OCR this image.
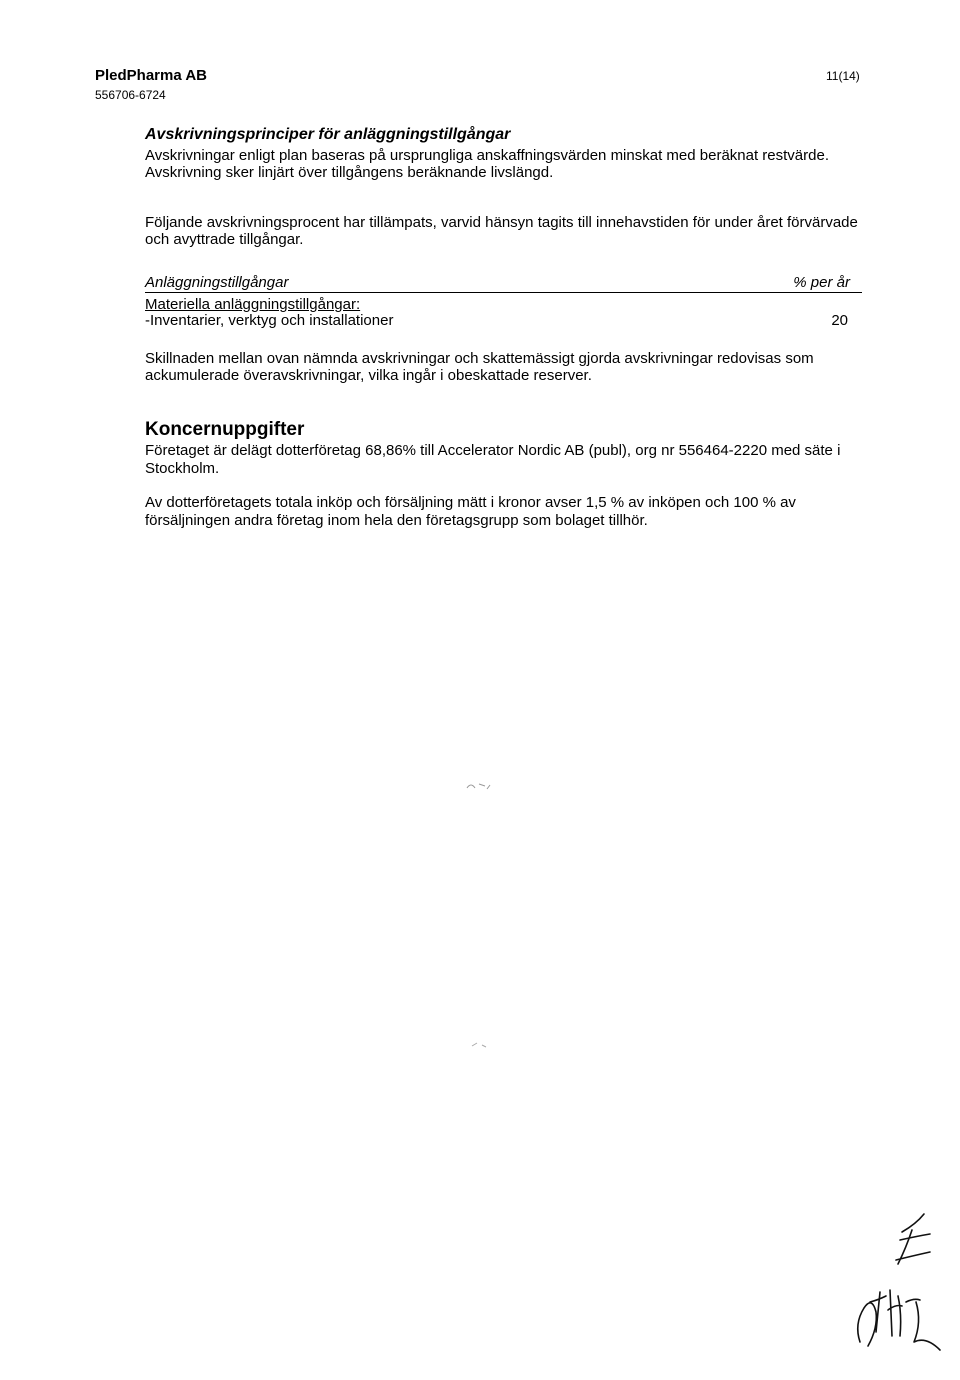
PledPharma AB
556706-6724
11(14)
Avskrivningsprinciper för anläggningstillgångar
Avskrivningar enligt plan baseras på ursprungliga anskaffningsvärden minskat med beräknat restvärde. Avskrivning sker linjärt över tillgångens beräknande livslängd.
Följande avskrivningsprocent har tillämpats, varvid hänsyn tagits till innehavstiden för under året förvärvade och avyttrade tillgångar.
Anläggningstillgångar	% per år
Materiella anläggningstillgångar:
-Inventarier, verktyg och installationer	20
Skillnaden mellan ovan nämnda avskrivningar och skattemässigt gjorda avskrivningar redovisas som ackumulerade överavskrivningar, vilka ingår i obeskattade reserver.
Koncernuppgifter
Företaget är delägt dotterföretag 68,86% till Accelerator Nordic AB (publ), org nr 556464-2220 med säte i Stockholm.
Av dotterföretagets totala inköp och försäljning mätt i kronor avser 1,5 % av inköpen och 100 % av försäljningen andra företag inom hela den företagsgrupp som bolaget tillhör.
